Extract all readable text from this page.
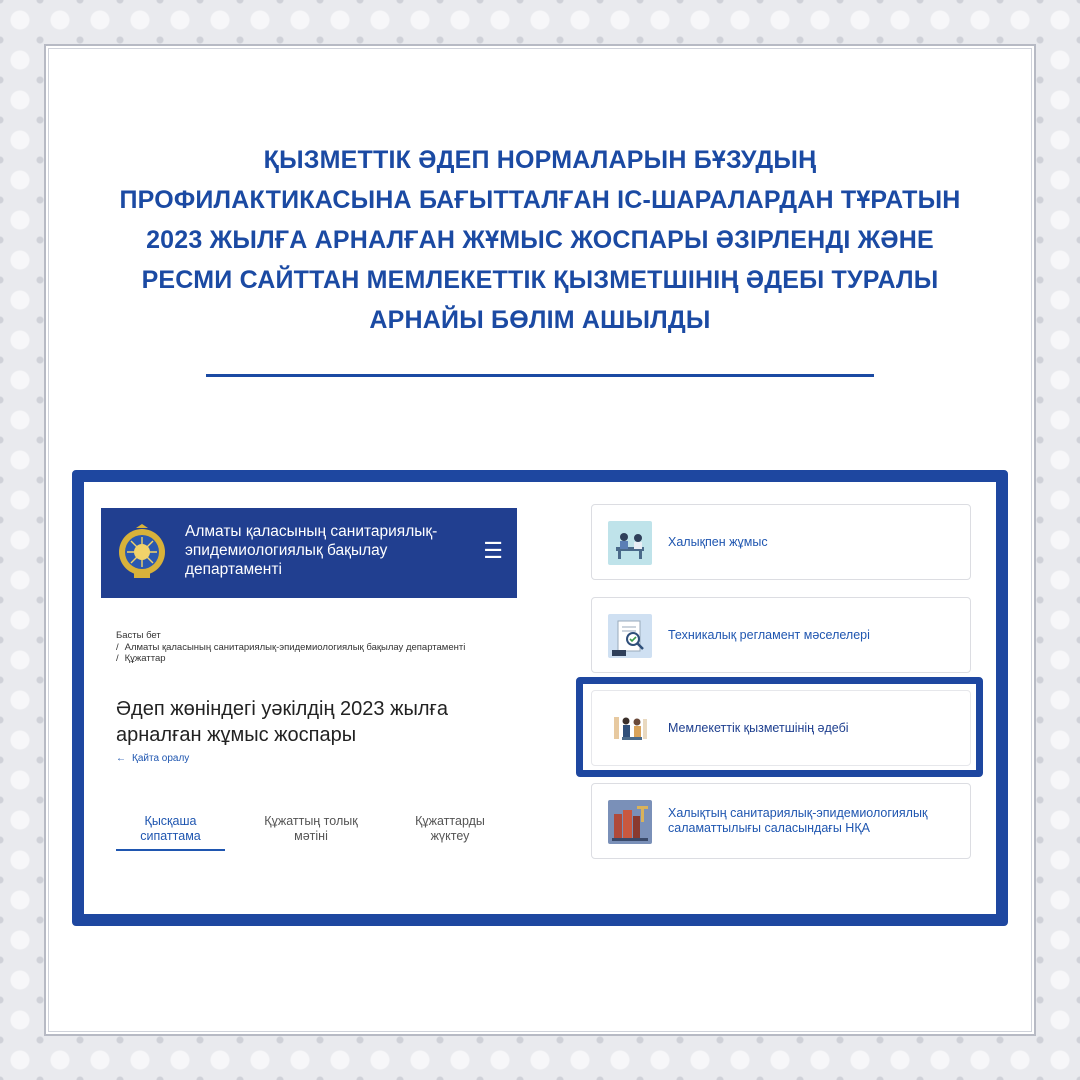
ҚЫЗМЕТТІК ӘДЕП НОРМАЛАРЫН БҰЗУДЫҢ
ПРОФИЛАКТИКАСЫНА БАҒЫТТАЛҒАН ІС-ШАРАЛАРДАН ТҰРАТЫН
2023 ЖЫЛҒА АРНАЛҒАН ЖҰМЫС ЖОСПАРЫ ӘЗІРЛЕНДІ ЖӘНЕ
РЕСМИ САЙТТАН МЕМЛЕКЕТТІК ҚЫЗМЕТШІНІҢ ӘДЕБІ ТУРАЛЫ
АРНАЙЫ БӨЛІМ АШЫЛДЫ
Алматы қаласының санитариялық-
эпидемиологиялық бақылау
департаменті
☰
Басты бет
/ Алматы қаласының санитариялық-эпидемиологиялық бақылау департаменті
/ Құжаттар
Әдеп жөніндегі уәкілдің 2023 жылға
арналған жұмыс жоспары
← Қайта оралу
Қысқаша
сипаттама
Құжаттың толық
мәтіні
Құжаттарды
жүктеу
Халықпен жұмыс
Техникалық регламент мәселелері
Мемлекеттік қызметшінің әдебі
Халықтың санитариялық-эпидемиологиялық
саламаттылығы саласындағы НҚА
